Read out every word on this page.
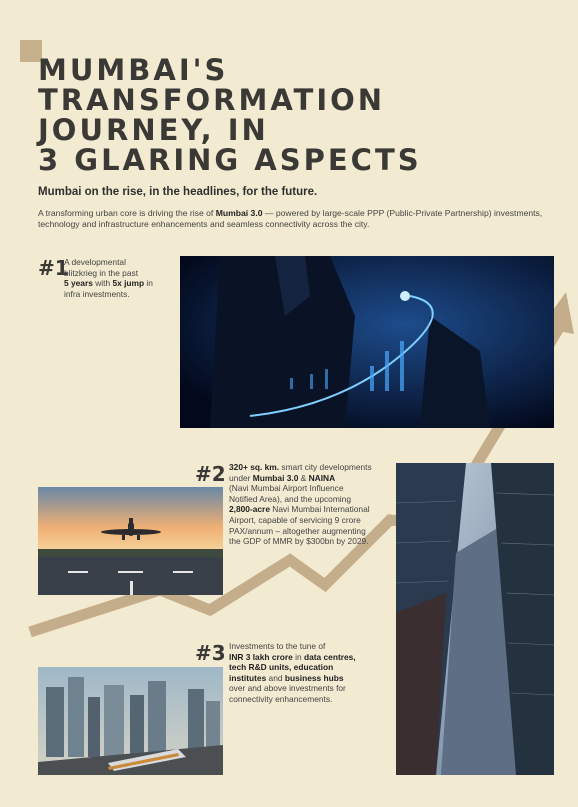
MUMBAI'S
TRANSFORMATION
JOURNEY, IN
3 GLARING ASPECTS
Mumbai on the rise, in the headlines, for the future.
A transforming urban core is driving the rise of Mumbai 3.0 — powered by large-scale PPP (Public-Private Partnership) investments, technology and infrastructure enhancements and seamless connectivity across the city.
#1
A developmental
blitzkrieg in the past
5 years with 5x jump in
infra investments.
#2 320+ sq. km. smart city developments
under Mumbai 3.0 & NAINA
(Navi Mumbai Airport Influence
Notified Area), and the upcoming
2,800-acre Navi Mumbai International
Airport, capable of servicing 9 crore
PAX/annum – altogether augmenting
the GDP of MMR by $300bn by 2029.
#3 Investments to the tune of
INR 3 lakh crore in data centres,
tech R&D units, education
institutes and business hubs
over and above investments for
connectivity enhancements.
